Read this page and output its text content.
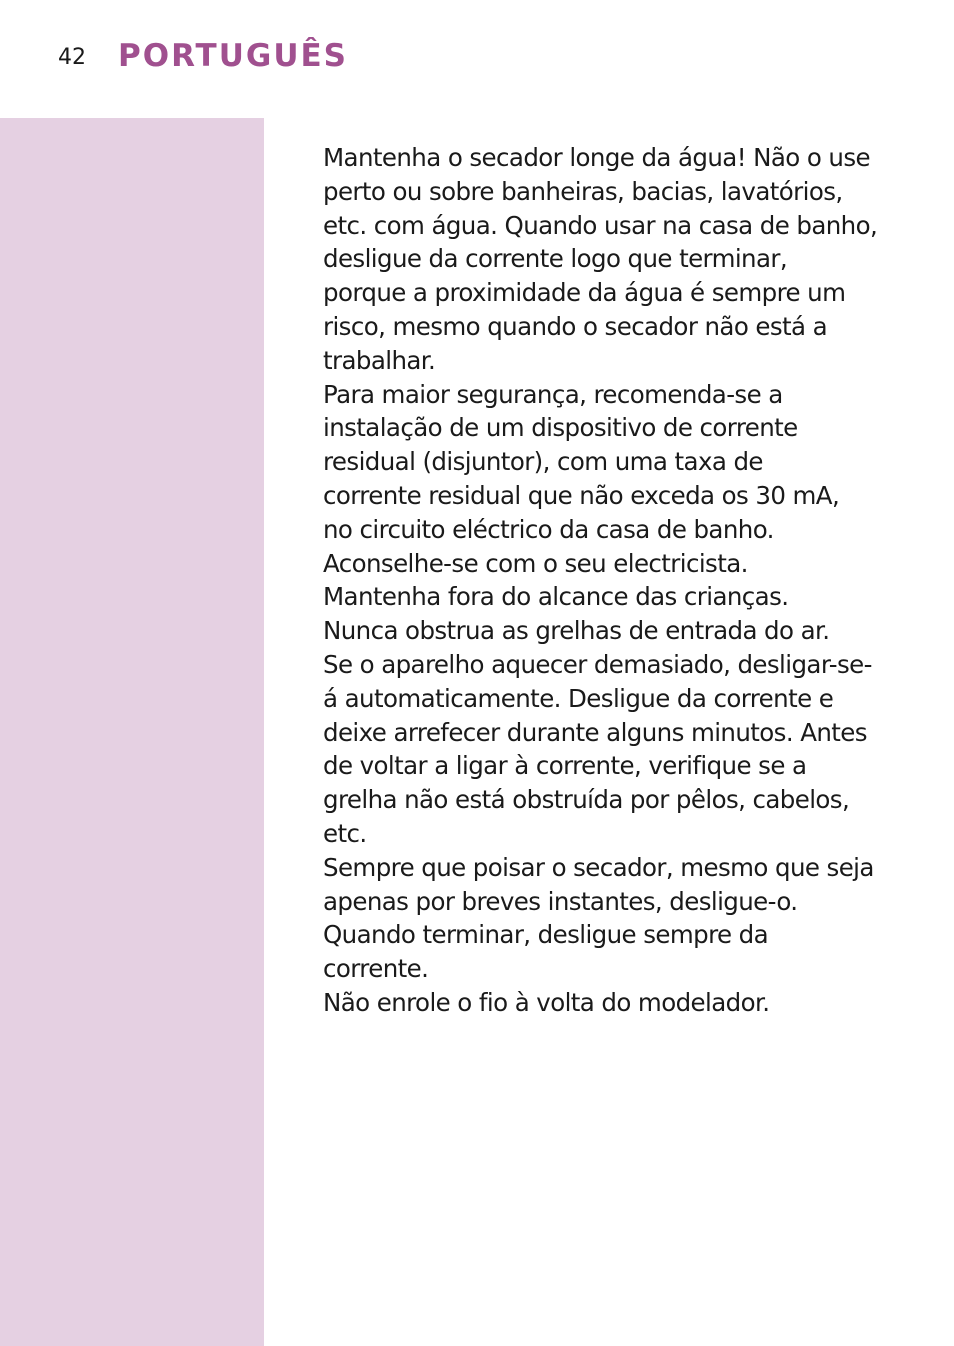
42 PORTUGUÊS
Mantenha o secador longe da água! Não o use
perto ou sobre banheiras, bacias, lavatórios,
etc. com água. Quando usar na casa de banho,
desligue da corrente logo que terminar,
porque a proximidade da água é sempre um
risco, mesmo quando o secador não está a
trabalhar.
Para maior segurança, recomenda-se a
instalação de um dispositivo de corrente
residual (disjuntor), com uma taxa de
corrente residual que não exceda os 30 mA,
no circuito eléctrico da casa de banho.
Aconselhe-se com o seu electricista.
Mantenha fora do alcance das crianças.
Nunca obstrua as grelhas de entrada do ar.
Se o aparelho aquecer demasiado, desligar-se-
á automaticamente. Desligue da corrente e
deixe arrefecer durante alguns minutos. Antes
de voltar a ligar à corrente, verifique se a
grelha não está obstruída por pêlos, cabelos,
etc.
Sempre que poisar o secador, mesmo que seja
apenas por breves instantes, desligue-o.
Quando terminar, desligue sempre da
corrente.
Não enrole o fio à volta do modelador.
